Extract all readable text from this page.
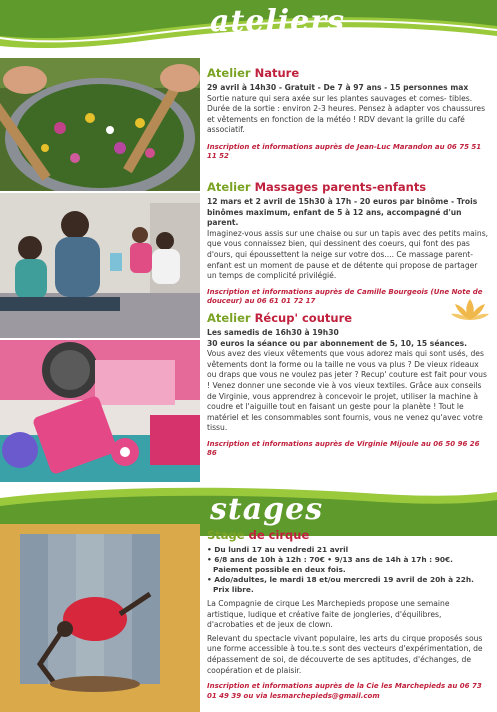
ateliers
Atelier Nature

29 avril à 14h30 - Gratuit - De 7 à 97 ans - 15 personnes max

Sortie nature qui sera axée sur les plantes sauvages et comes- tibles. Durée de la sortie : environ 2-3 heures. Pensez à adapter vos chaussures et vêtements en fonction de la météo ! RDV devant la grille du café associatif.

Inscription et informations auprès de Jean-Luc Marandon au 06 75 51 11 52

Atelier Massages parents-enfants

12 mars et 2 avril de 15h30 à 17h - 20 euros par binôme - Trois binômes maximum, enfant de 5 à 12 ans, accompagné d'un parent.

Imaginez-vous assis sur une chaise ou sur un tapis avec des petits mains, que vous connaissez bien, qui dessinent des coeurs, qui font des pas d'ours, qui époussettent la neige sur votre dos.... Ce massage parent-enfant est un moment de pause et de détente qui propose de partager un temps de complicité privilégié.

Inscription et informations auprès de Camille Bourgeois (Une Note de douceur) au 06 61 01 72 17

Atelier Récup' couture

Les samedis de 16h30 à 19h30

30 euros la séance ou par abonnement de 5, 10, 15 séances.

Vous avez des vieux vêtements que vous adorez mais qui sont usés, des vêtements dont la forme ou la taille ne vous va plus ? De vieux rideaux ou draps que vous ne voulez pas jeter ? Recup' couture est fait pour vous ! Venez donner une seconde vie à vos vieux textiles. Grâce aux conseils de Virginie, vous apprendrez à concevoir le projet, utiliser la machine à coudre et l'aiguille tout en faisant un geste pour la planète ! Tout le matériel et les consommables sont fournis, vous ne venez qu'avec votre tissu.

Inscription et informations auprès de Virginie Mijoule au 06 50 96 26 86

stages
Stage de cirque

• Du lundi 17 au vendredi 21 avril

• 6/8 ans de 10h à 12h : 70€ • 9/13 ans de 14h à 17h : 90€. Paiement possible en deux fois.

• Ado/adultes, le mardi 18 et/ou mercredi 19 avril de 20h à 22h. Prix libre.

La Compagnie de cirque Les Marchepieds propose une semaine artistique, ludique et créative faite de jongleries, d'équilibres, d'acrobaties et de jeux de clown.

Relevant du spectacle vivant populaire, les arts du cirque proposés sous une forme accessible à tou.te.s sont des vecteurs d'expérimentation, de dépassement de soi, de découverte de ses aptitudes, d'échanges, de coopération et de plaisir.

Inscription et informations auprès de la Cie les Marchepieds au 06 73 01 49 39 ou via lesmarchepieds@gmail.com
